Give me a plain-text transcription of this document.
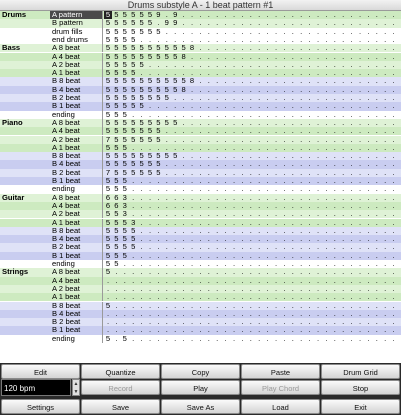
Drums substyle A - 1 beat pattern #1
Drums	A pattern	5 5 5 5 5 5 9 . 9 . . . . . . . . . . . . . . . . . . . . . . . . . .
B pattern	5 5 5 5 5 5 . 9 9 . . . . . . . . . . . . . . . . . . . . . . . . . .
drum fills	5 5 5 5 5 5 5 . . . . . . . . . . . . . . . . . . . . . . . . . . . .
end drums	5 5 5 5 . . . . . . . . . . . . . . . . . . . . . . . . . . . . . . .
Bass	A 8 beat	5 5 5 5 5 5 5 5 5 5 8 . . . . . . . . . . . . . . . . . . . . . . . .
A 4 beat	5 5 5 5 5 5 5 5 5 8 . . . . . . . . . . . . . . . . . . . . . . . . .
A 2 beat	5 5 5 5 5 . . . . . . . . . . . . . . . . . . . . . . . . . . . . . .
A 1 beat	5 5 5 5 . . . . . . . . . . . . . . . . . . . . . . . . . . . . . . .
B 8 beat	5 5 5 5 5 5 5 5 5 5 8 . . . . . . . . . . . . . . . . . . . . . . . .
B 4 beat	5 5 5 5 5 5 5 5 5 8 . . . . . . . . . . . . . . . . . . . . . . . . .
B 2 beat	5 5 5 5 5 5 5 5 . . . . . . . . . . . . . . . . . . . . . . . . . . .
B 1 beat	5 5 5 5 5 . . . . . . . . . . . . . . . . . . . . . . . . . . . . . .
ending	5 5 5 . . . . . . . . . . . . . . . . . . . . . . . . . . . . . . . .
Piano	A 8 beat	5 5 5 5 5 5 5 5 5 . . . . . . . . . . . . . . . . . . . . . . . . . .
A 4 beat	5 5 5 5 5 5 5 . . . . . . . . . . . . . . . . . . . . . . . . . . . .
A 2 beat	7 5 5 5 5 5 5 . . . . . . . . . . . . . . . . . . . . . . . . . . . .
A 1 beat	5 5 5 . . . . . . . . . . . . . . . . . . . . . . . . . . . . . . . .
B 8 beat	5 5 5 5 5 5 5 5 5 . . . . . . . . . . . . . . . . . . . . . . . . . .
B 4 beat	5 5 5 5 5 5 5 . . . . . . . . . . . . . . . . . . . . . . . . . . . .
B 2 beat	7 5 5 5 5 5 5 . . . . . . . . . . . . . . . . . . . . . . . . . . . .
B 1 beat	5 5 5 . . . . . . . . . . . . . . . . . . . . . . . . . . . . . . . .
ending	5 5 5 . . . . . . . . . . . . . . . . . . . . . . . . . . . . . . . .
Guitar	A 8 beat	6 6 3 . . . . . . . . . . . . . . . . . . . . . . . . . . . . . . . .
A 4 beat	6 6 3 . . . . . . . . . . . . . . . . . . . . . . . . . . . . . . . .
A 2 beat	5 5 3 . . . . . . . . . . . . . . . . . . . . . . . . . . . . . . . .
A 1 beat	5 5 5 3 . . . . . . . . . . . . . . . . . . . . . . . . . . . . . . .
B 8 beat	5 5 5 5 . . . . . . . . . . . . . . . . . . . . . . . . . . . . . . .
B 4 beat	5 5 5 5 . . . . . . . . . . . . . . . . . . . . . . . . . . . . . . .
B 2 beat	5 5 5 5 . . . . . . . . . . . . . . . . . . . . . . . . . . . . . . .
B 1 beat	5 5 5 . . . . . . . . . . . . . . . . . . . . . . . . . . . . . . . .
ending	5 5 . . . . . . . . . . . . . . . . . . . . . . . . . . . . . . . . .
Strings	A 8 beat	5 . . . . . . . . . . . . . . . . . . . . . . . . . . . . . . . . . .
A 4 beat	. . . . . . . . . . . . . . . . . . . . . . . . . . . . . . . . . . .
A 2 beat	. . . . . . . . . . . . . . . . . . . . . . . . . . . . . . . . . . .
A 1 beat	. . . . . . . . . . . . . . . . . . . . . . . . . . . . . . . . . . .
B 8 beat	5 . . . . . . . . . . . . . . . . . . . . . . . . . . . . . . . . . .
B 4 beat	. . . . . . . . . . . . . . . . . . . . . . . . . . . . . . . . . . .
B 2 beat	. . . . . . . . . . . . . . . . . . . . . . . . . . . . . . . . . . .
B 1 beat	. . . . . . . . . . . . . . . . . . . . . . . . . . . . . . . . . . .
ending	5 . 5 . . . . . . . . . . . . . . . . . . . . . . . . . . . . . . . .
120 bpm	▲
▼
Edit	Quantize	Copy	Paste	Drum Grid
Record	Play	Play Chord	Stop
Settings	Save	Save As	Load	Exit
